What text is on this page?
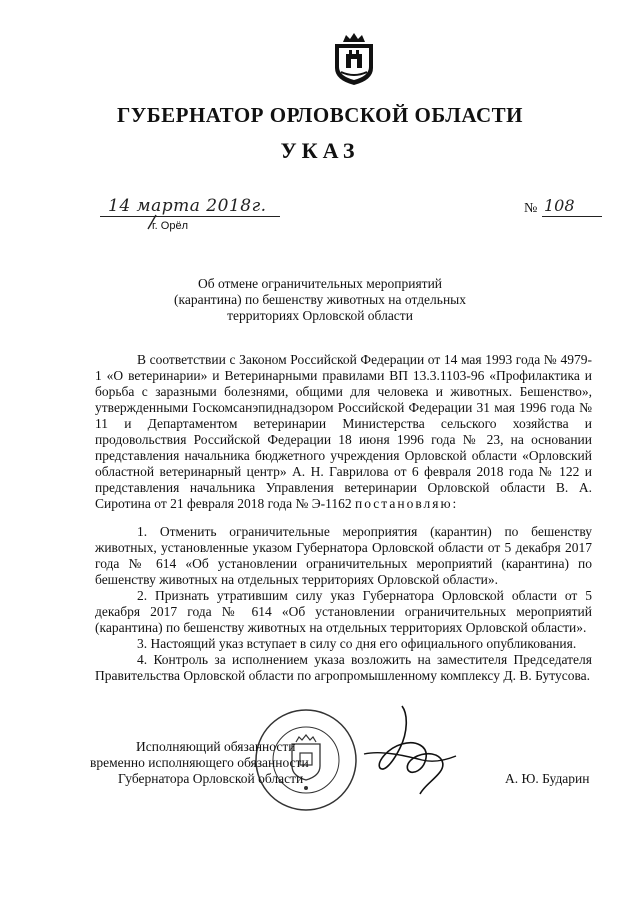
ГУБЕРНАТОР ОРЛОВСКОЙ ОБЛАСТИ
УКАЗ
14 марта 2018г.
г. Орёл
№ 108
Об отмене ограничительных мероприятий
(карантина) по бешенству животных на отдельных
территориях Орловской области

В соответствии с Законом Российской Федерации от 14 мая 1993 года № 4979-1 «О ветеринарии» и Ветеринарными правилами ВП 13.3.1103-96 «Профилактика и борьба с заразными болезнями, общими для человека и животных. Бешенство», утвержденными Госкомсанэпиднадзором Российской Федерации 31 мая 1996 года № 11 и Департаментом ветеринарии Министерства сельского хозяйства и продовольствия Российской Федерации 18 июня 1996 года № 23, на основании представления начальника бюджетного учреждения Орловской области «Орловский областной ветеринарный центр» А. Н. Гаврилова от 6 февраля 2018 года № 122 и представления начальника Управления ветеринарии Орловской области В. А. Сиротина от 21 февраля 2018 года № Э-1162 постановляю:

1. Отменить ограничительные мероприятия (карантин) по бешенству животных, установленные указом Губернатора Орловской области от 5 декабря 2017 года № 614 «Об установлении ограничительных мероприятий (карантина) по бешенству животных на отдельных территориях Орловской области».

2. Признать утратившим силу указ Губернатора Орловской области от 5 декабря 2017 года № 614 «Об установлении ограничительных мероприятий (карантина) по бешенству животных на отдельных территориях Орловской области».

3. Настоящий указ вступает в силу со дня его официального опубликования.

4. Контроль за исполнением указа возложить на заместителя Председателя Правительства Орловской области по агропромышленному комплексу Д. В. Бутусова.

Исполняющий обязанности
временно исполняющего обязанности
Губернатора Орловской области	А. Ю. Бударин
